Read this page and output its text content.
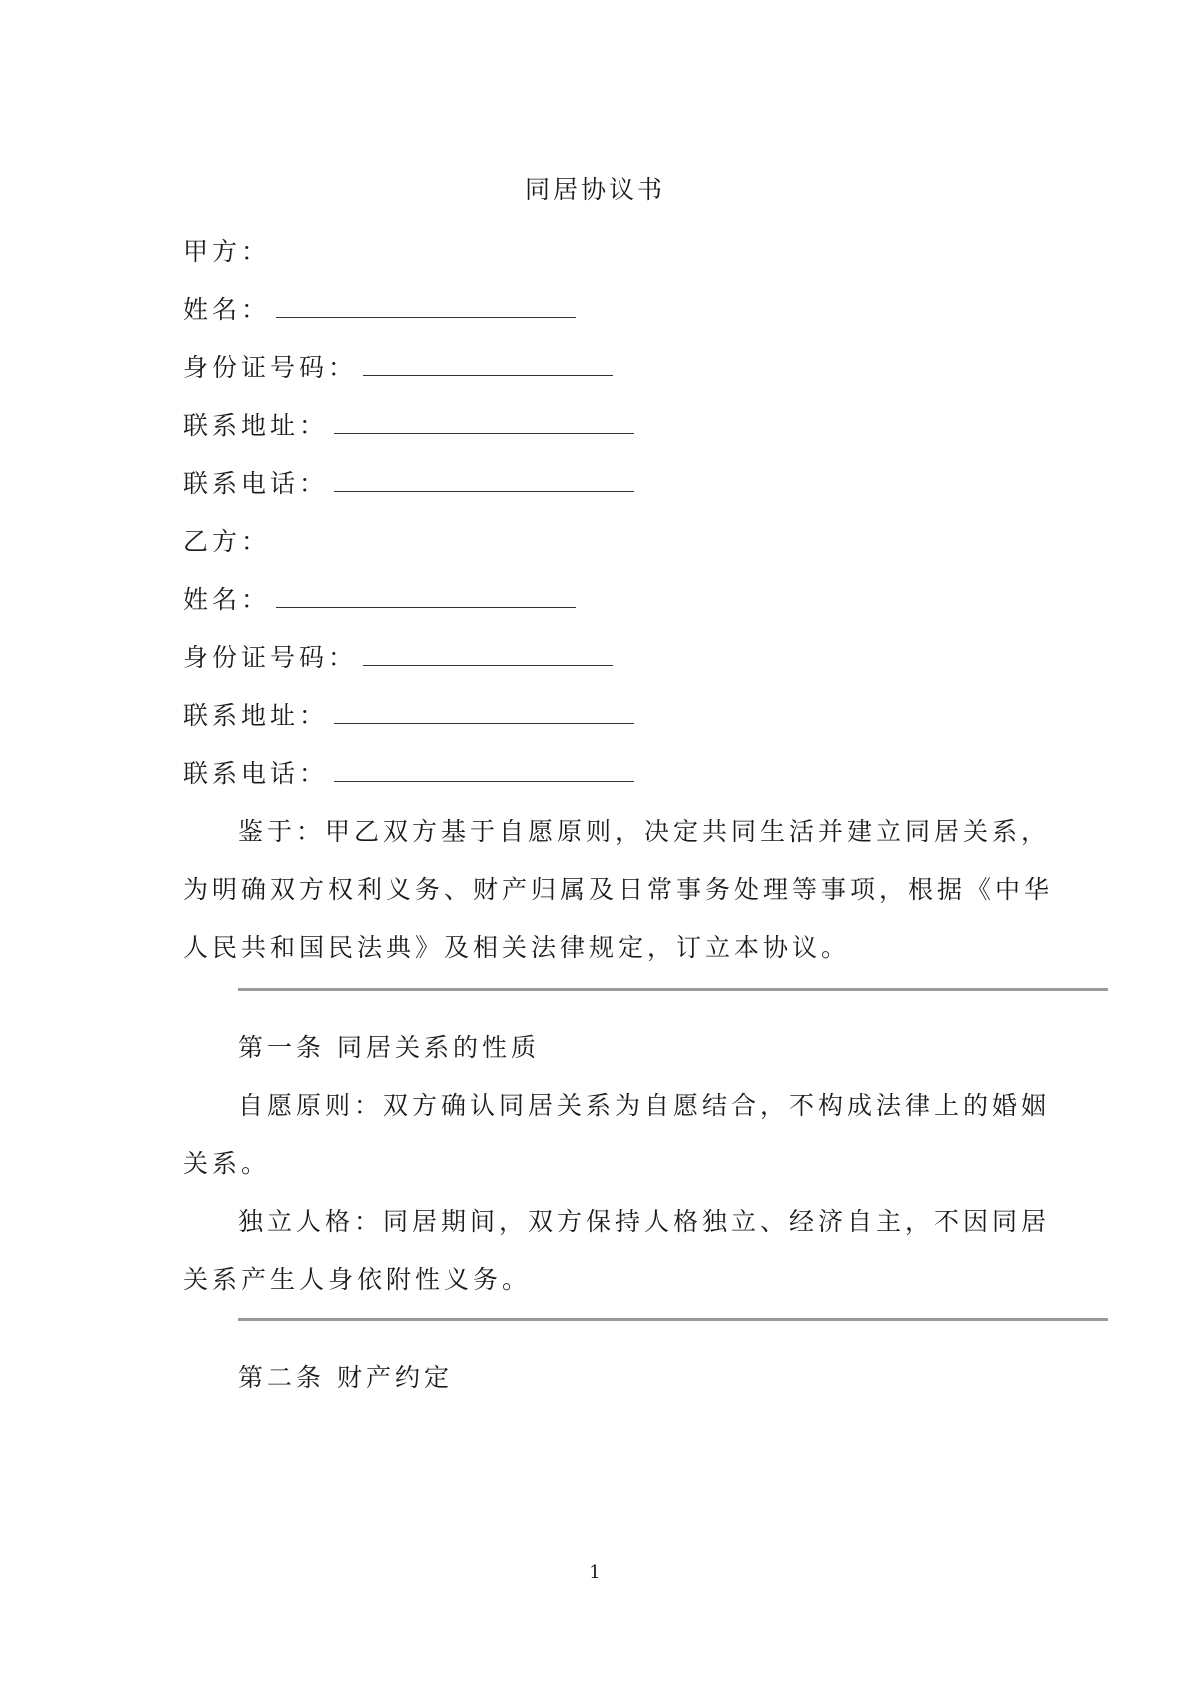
同居协议书
甲方：
姓名：
身份证号码：
联系地址：
联系电话：
乙方：
姓名：
身份证号码：
联系地址：
联系电话：
鉴于：甲乙双方基于自愿原则，决定共同生活并建立同居关系，
为明确双方权利义务、财产归属及日常事务处理等事项，根据《中华
人民共和国民法典》及相关法律规定，订立本协议。
第一条 同居关系的性质
自愿原则：双方确认同居关系为自愿结合，不构成法律上的婚姻
关系。
独立人格：同居期间，双方保持人格独立、经济自主，不因同居
关系产生人身依附性义务。
第二条 财产约定
1
